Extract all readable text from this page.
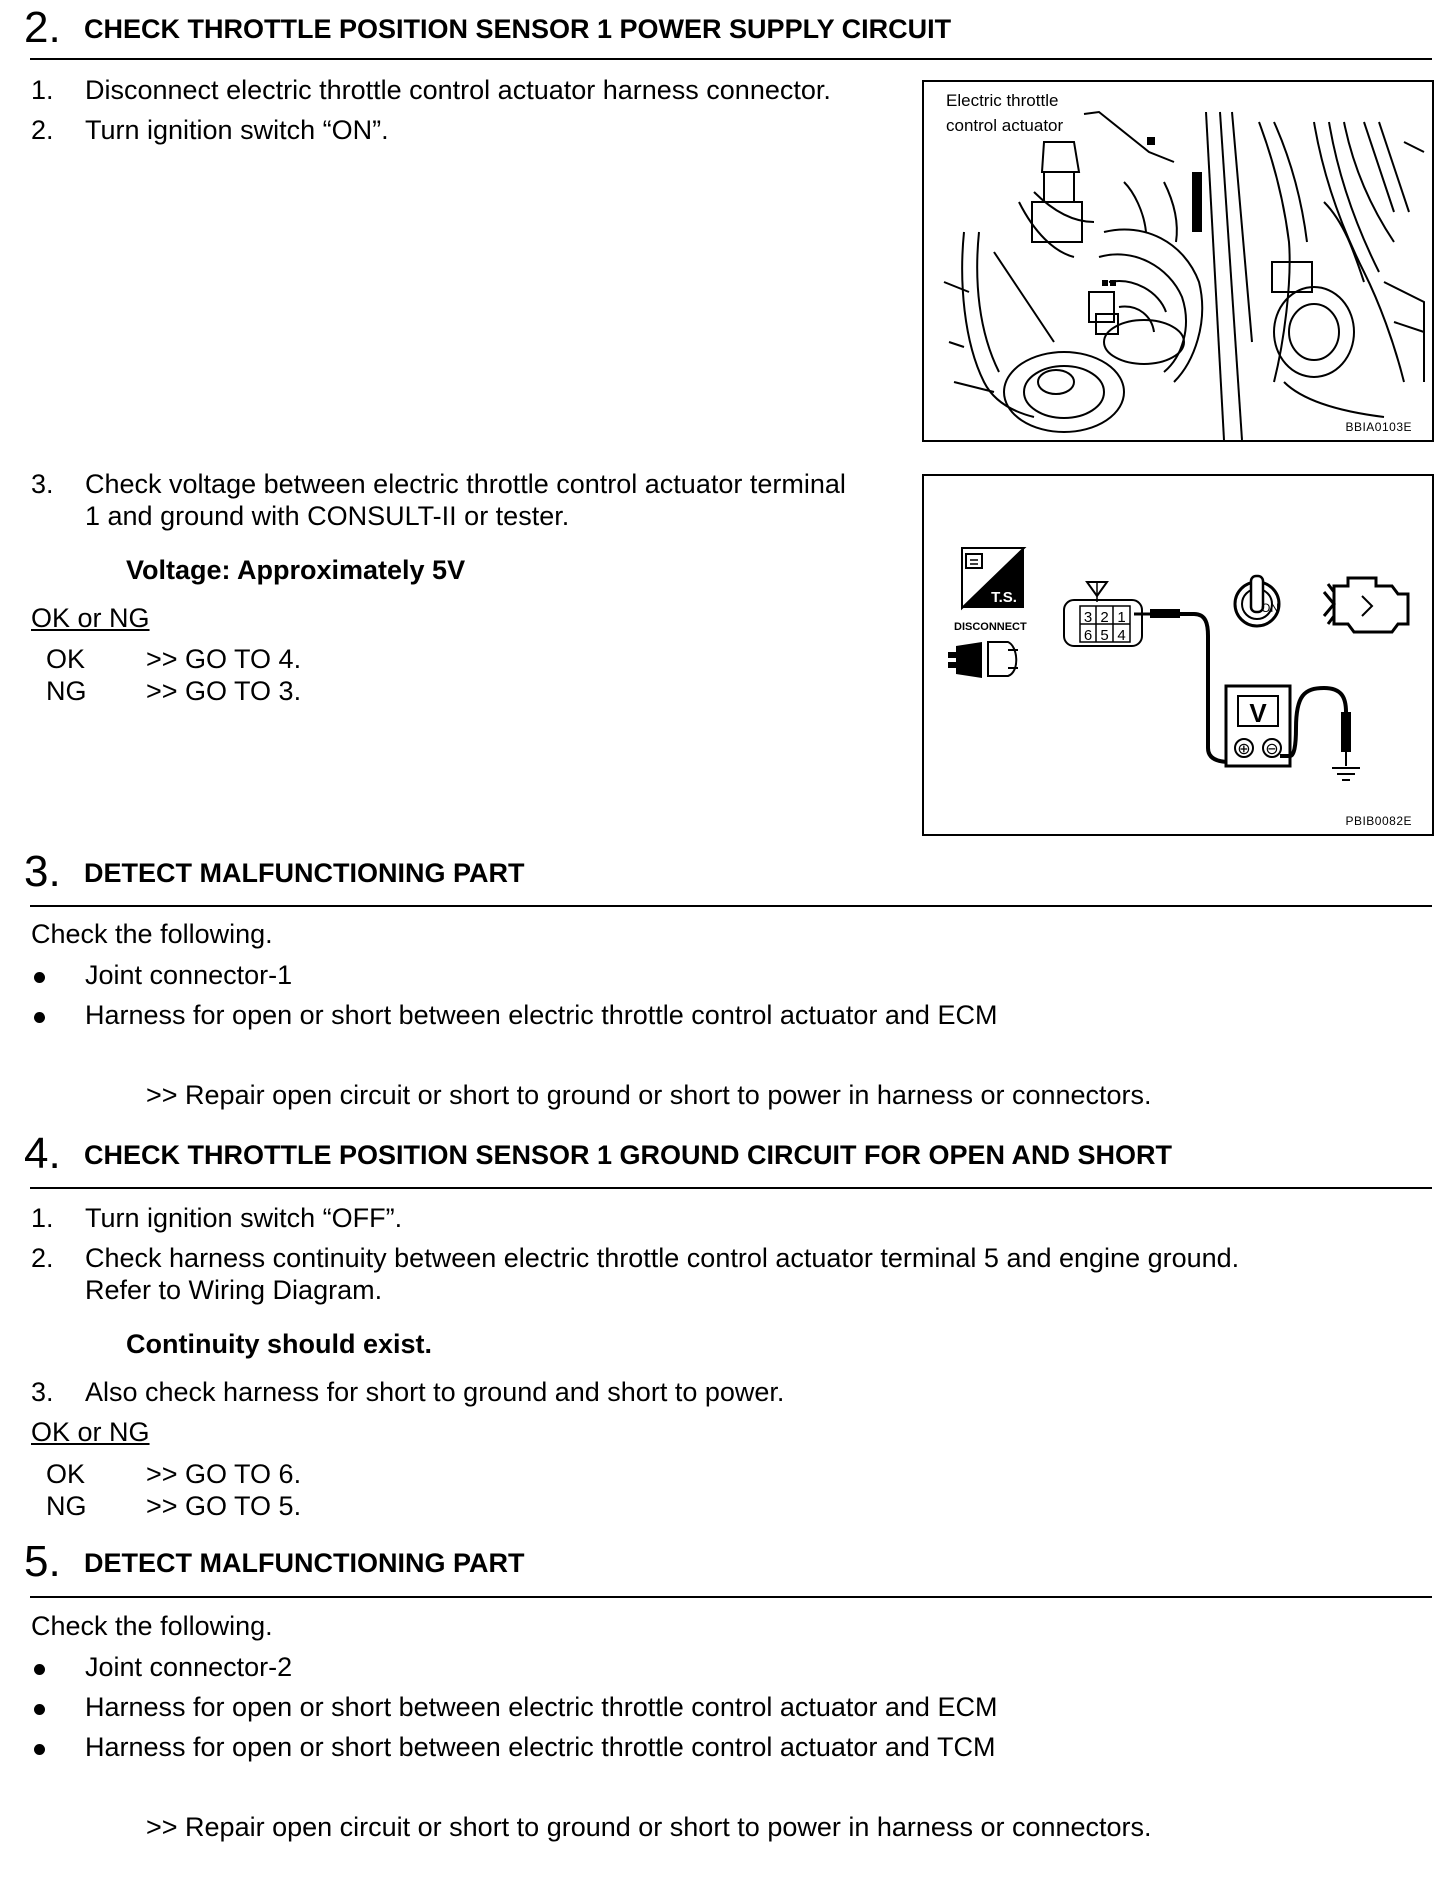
2. CHECK THROTTLE POSITION SENSOR 1 POWER SUPPLY CIRCUIT
1. Disconnect electric throttle control actuator harness connector.
2. Turn ignition switch “ON”.
Electric throttle
control actuator
BBIA0103E
3. Check voltage between electric throttle control actuator terminal
1 and ground with CONSULT-II or tester.
Voltage: Approximately 5V
OK or NG
OK >> GO TO 4.
NG >> GO TO 3.
T.S.
DISCONNECT
3 2 1
6 5 4
V
⊕ ⊖
ON
PBIB0082E
3. DETECT MALFUNCTIONING PART
Check the following.
Joint connector-1
Harness for open or short between electric throttle control actuator and ECM
>> Repair open circuit or short to ground or short to power in harness or connectors.
4. CHECK THROTTLE POSITION SENSOR 1 GROUND CIRCUIT FOR OPEN AND SHORT
1. Turn ignition switch “OFF”.
2. Check harness continuity between electric throttle control actuator terminal 5 and engine ground.
Refer to Wiring Diagram.
Continuity should exist.
3. Also check harness for short to ground and short to power.
OK or NG
OK >> GO TO 6.
NG >> GO TO 5.
5. DETECT MALFUNCTIONING PART
Check the following.
Joint connector-2
Harness for open or short between electric throttle control actuator and ECM
Harness for open or short between electric throttle control actuator and TCM
>> Repair open circuit or short to ground or short to power in harness or connectors.
